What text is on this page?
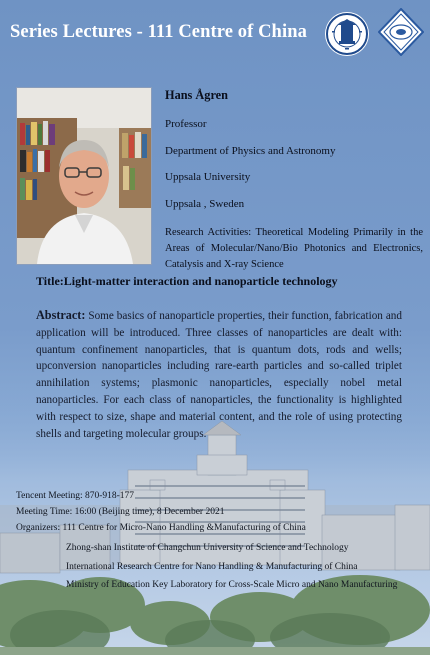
Series Lectures - 111 Centre of China
Hans Ågren
Professor
Department of Physics and Astronomy
Uppsala University
Uppsala , Sweden
Research Activities: Theoretical Modeling Primarily in the Areas of Molecular/Nano/Bio Photonics and Electronics, Catalysis and X-ray Science
Title:Light-matter interaction and nanoparticle technology
Abstract: Some basics of nanoparticle properties, their function, fabrication and application will be introduced. Three classes of nanoparticles are dealt with: quantum confinement nanoparticles, that is quantum dots, rods and wells; upconversion nanoparticles including rare-earth particles and so-called triplet annihilation systems; plasmonic nanoparticles, especially nobel metal nanoparticles. For each class of nanoparticles, the functionality is highlighted with respect to size, shape and material content, and the role of using protecting shells and targeting molecular groups.
Tencent Meeting: 870-918-177
Meeting Time: 16:00 (Beijing time), 8 December 2021
Organizers: 111 Centre for Micro-Nano Handling &Manufacturing of China
Zhong-shan Institute of Changchun University of Science and Technology
International Research Centre for Nano Handling & Manufacturing of China
Ministry of Education Key Laboratory for Cross-Scale Micro and Nano Manufacturing
